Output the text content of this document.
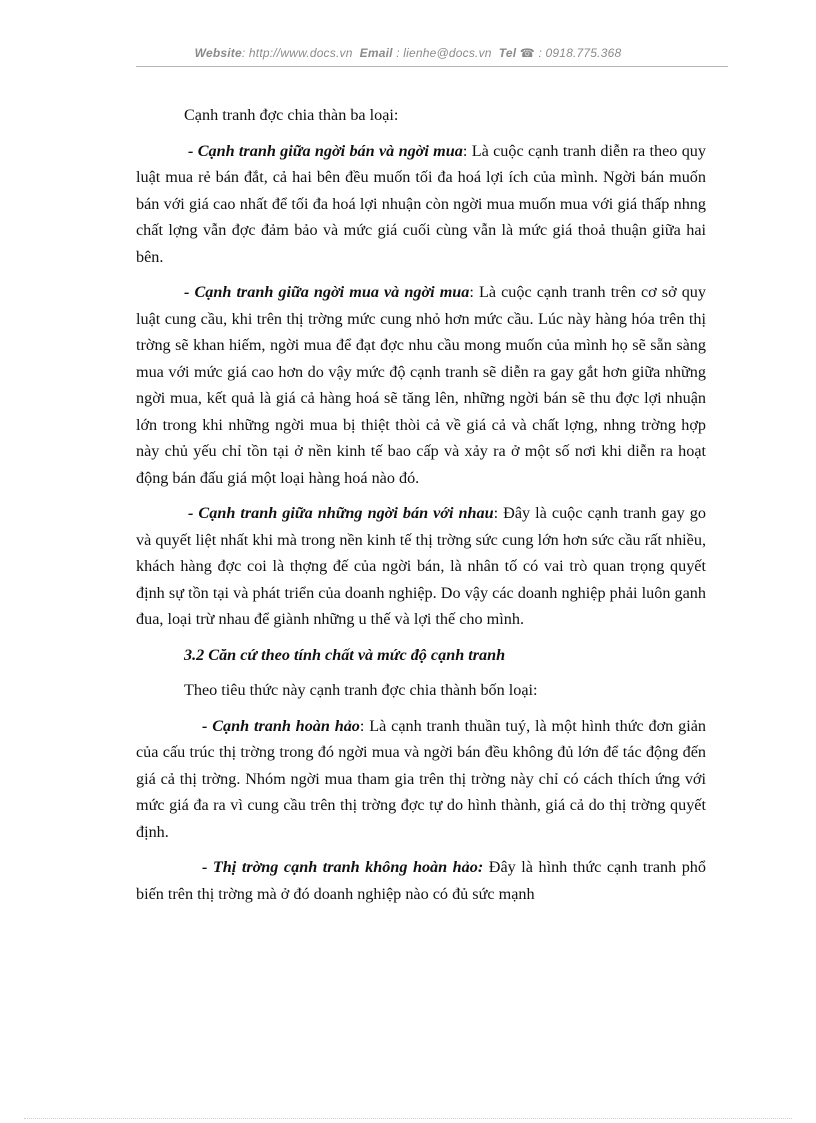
Website: http://www.docs.vn Email : lienhe@docs.vn Tel ☎ : 0918.775.368

Cạnh tranh đợc chia thàn ba loại:

- Cạnh tranh giữa ngời bán và ngời mua: Là cuộc cạnh tranh diễn ra theo quy luật mua rẻ bán đắt, cả hai bên đều muốn tối đa hoá lợi ích của mình. Ngời bán muốn bán với giá cao nhất để tối đa hoá lợi nhuận còn ngời mua muốn mua với giá thấp nhng chất lợng vẫn đợc đảm bảo và mức giá cuối cùng vẫn là mức giá thoả thuận giữa hai bên.

- Cạnh tranh giữa ngời mua và ngời mua: Là cuộc cạnh tranh trên cơ sở quy luật cung cầu, khi trên thị trờng mức cung nhỏ hơn mức cầu. Lúc này hàng hóa trên thị trờng sẽ khan hiếm, ngời mua để đạt đợc nhu cầu mong muốn của mình họ sẽ sẵn sàng mua với mức giá cao hơn do vậy mức độ cạnh tranh sẽ diễn ra gay gắt hơn giữa những ngời mua, kết quả là giá cả hàng hoá sẽ tăng lên, những ngời bán sẽ thu đợc lợi nhuận lớn trong khi những ngời mua bị thiệt thòi cả về giá cả và chất lợng, nhng trờng hợp này chủ yếu chỉ tồn tại ở nền kinh tế bao cấp và xảy ra ở một số nơi khi diễn ra hoạt động bán đấu giá một loại hàng hoá nào đó.

- Cạnh tranh giữa những ngời bán với nhau: Đây là cuộc cạnh tranh gay go và quyết liệt nhất khi mà trong nền kinh tế thị trờng sức cung lớn hơn sức cầu rất nhiều, khách hàng đợc coi là thợng đế của ngời bán, là nhân tố có vai trò quan trọng quyết định sự tồn tại và phát triển của doanh nghiệp. Do vậy các doanh nghiệp phải luôn ganh đua, loại trừ nhau để giành những u thế và lợi thế cho mình.

3.2 Căn cứ theo tính chất và mức độ cạnh tranh

Theo tiêu thức này cạnh tranh đợc chia thành bốn loại:

- Cạnh tranh hoàn hảo: Là cạnh tranh thuần tuý, là một hình thức đơn giản của cấu trúc thị trờng trong đó ngời mua và ngời bán đều không đủ lớn để tác động đến giá cả thị trờng. Nhóm ngời mua tham gia trên thị trờng này chỉ có cách thích ứng với mức giá đa ra vì cung cầu trên thị trờng đợc tự do hình thành, giá cả do thị trờng quyết định.

- Thị trờng cạnh tranh không hoàn hảo: Đây là hình thức cạnh tranh phổ biến trên thị trờng mà ở đó doanh nghiệp nào có đủ sức mạnh
